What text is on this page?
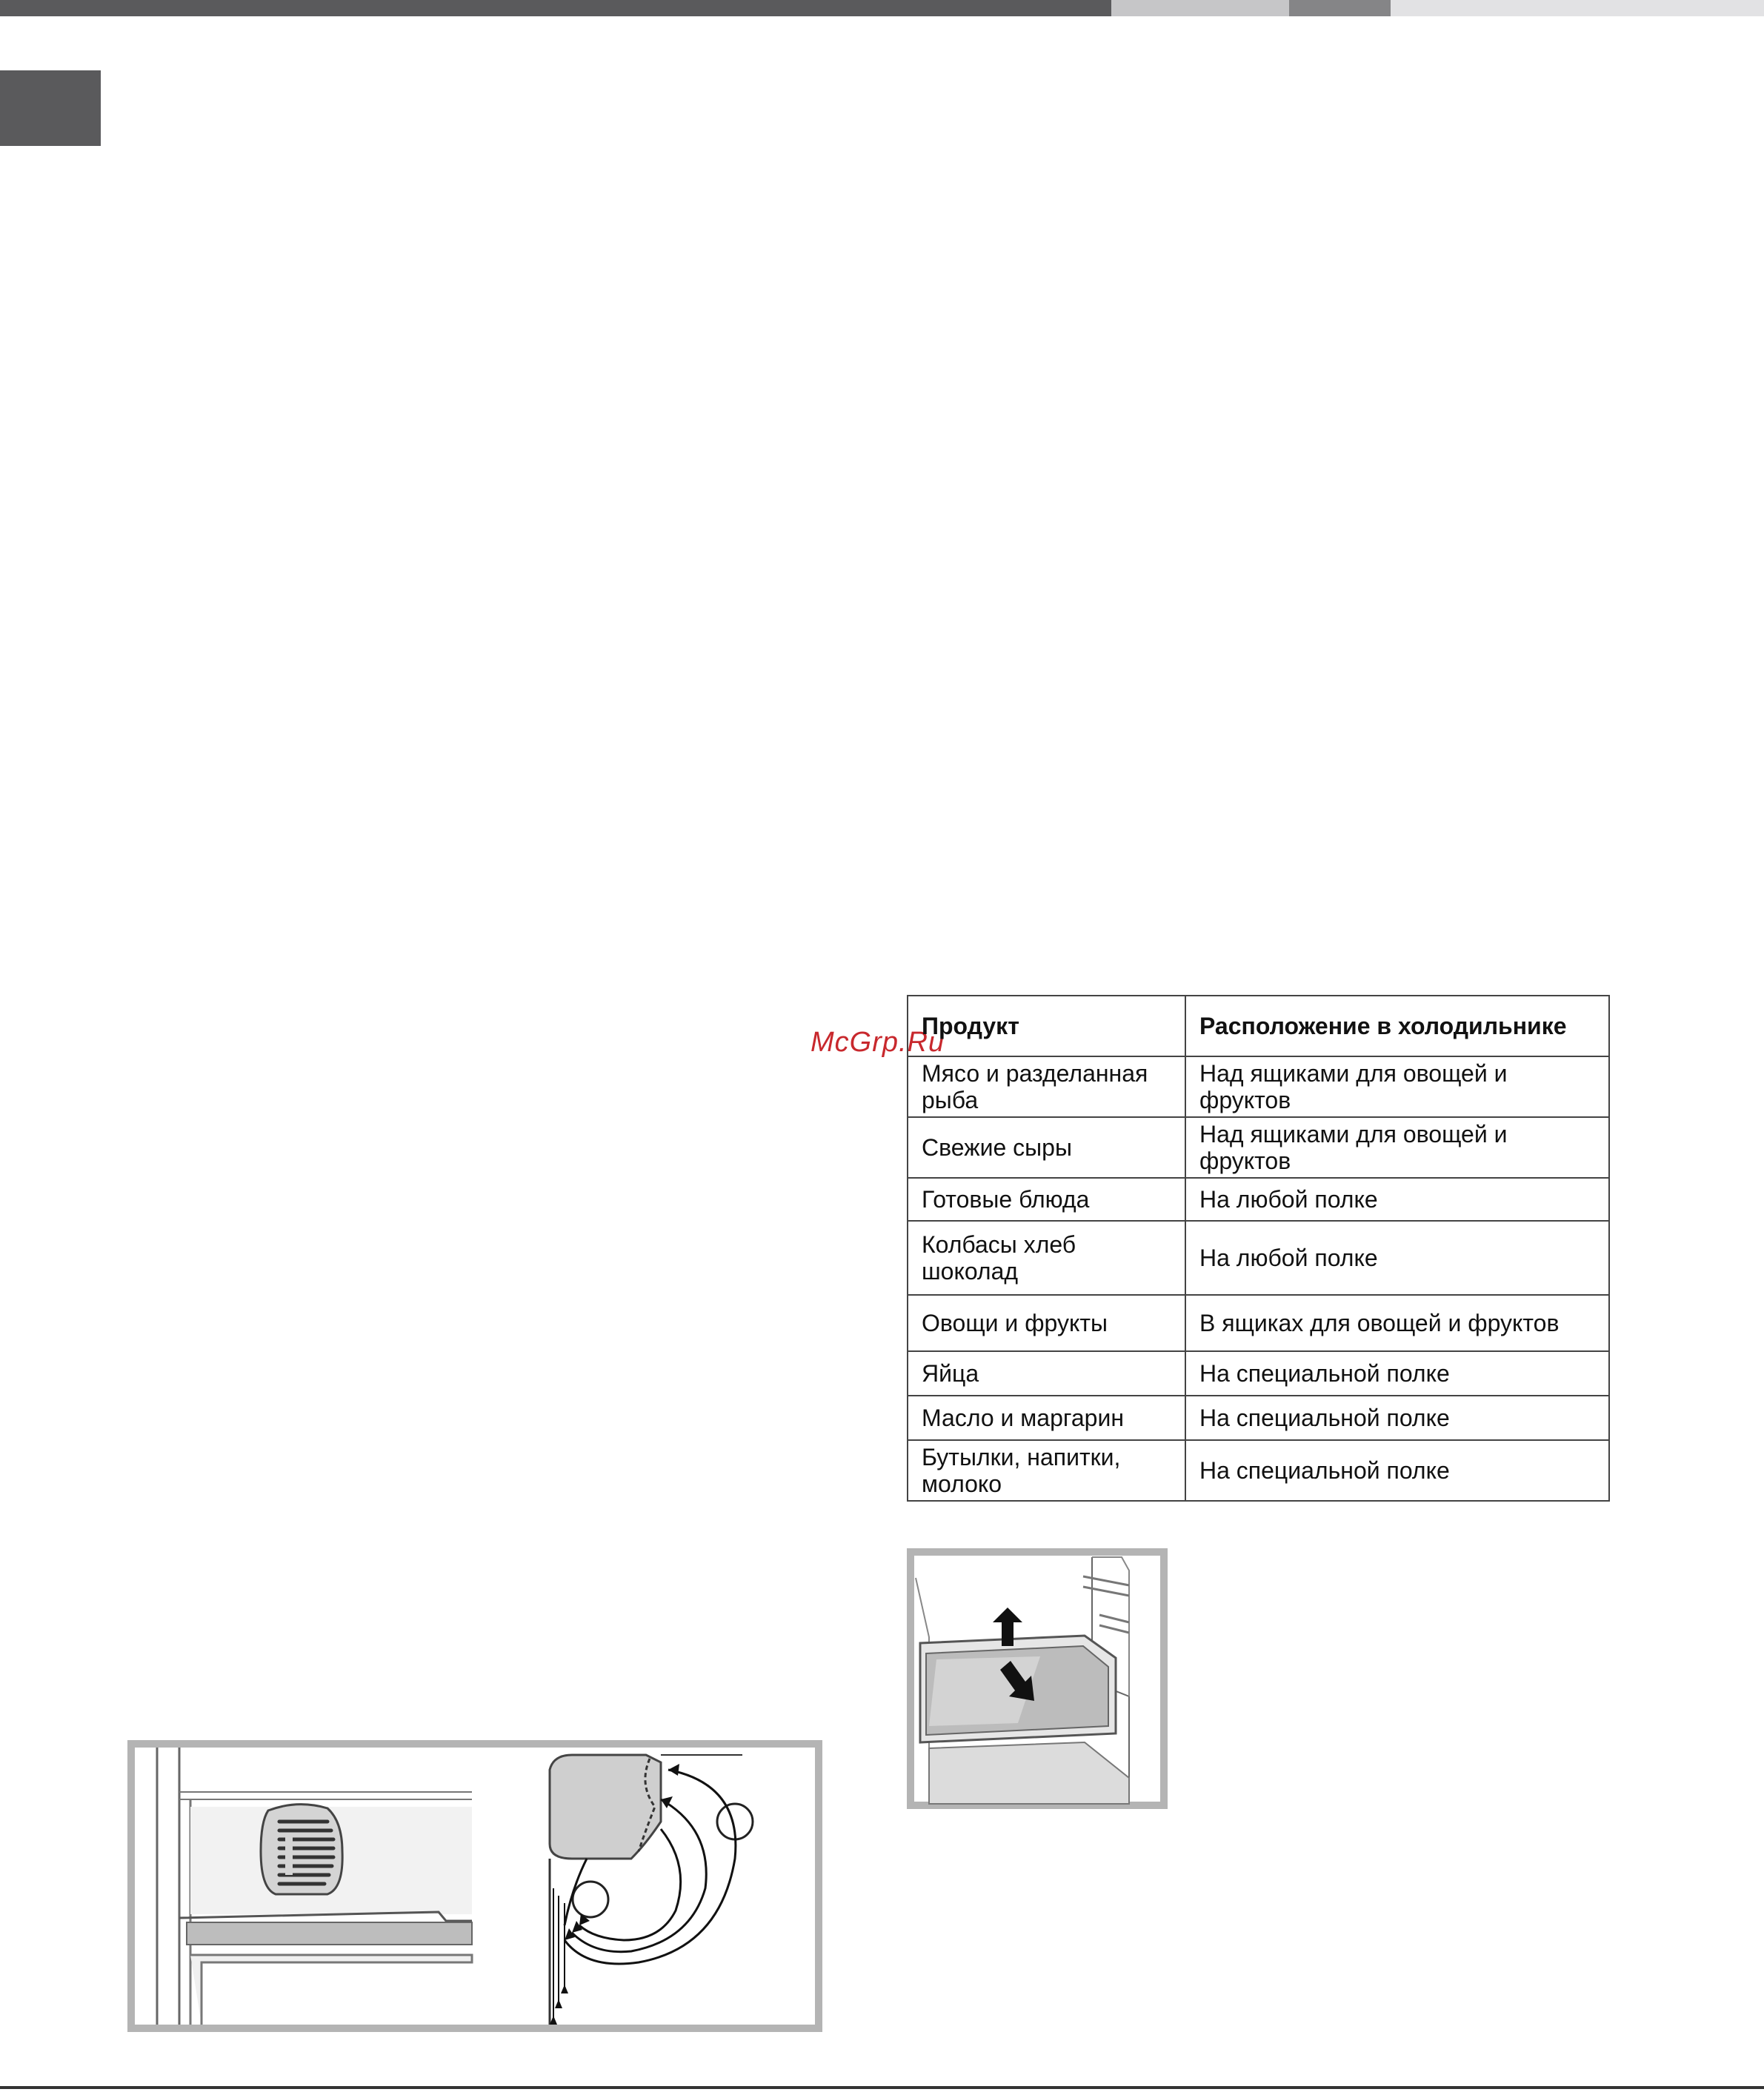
McGrp.Ru
Продукт	Расположение в холодильнике
Мясо и разделанная рыба	Над ящиками для овощей и фруктов
Свежие сыры	Над ящиками для овощей и фруктов
Готовые блюда	На любой полке
Колбасы хлеб шоколад	На любой полке
Овощи и фрукты	В ящиках для овощей и фруктов
Яйца	На специальной полке
Масло и маргарин	На специальной полке
Бутылки, напитки, молоко	На специальной полке
